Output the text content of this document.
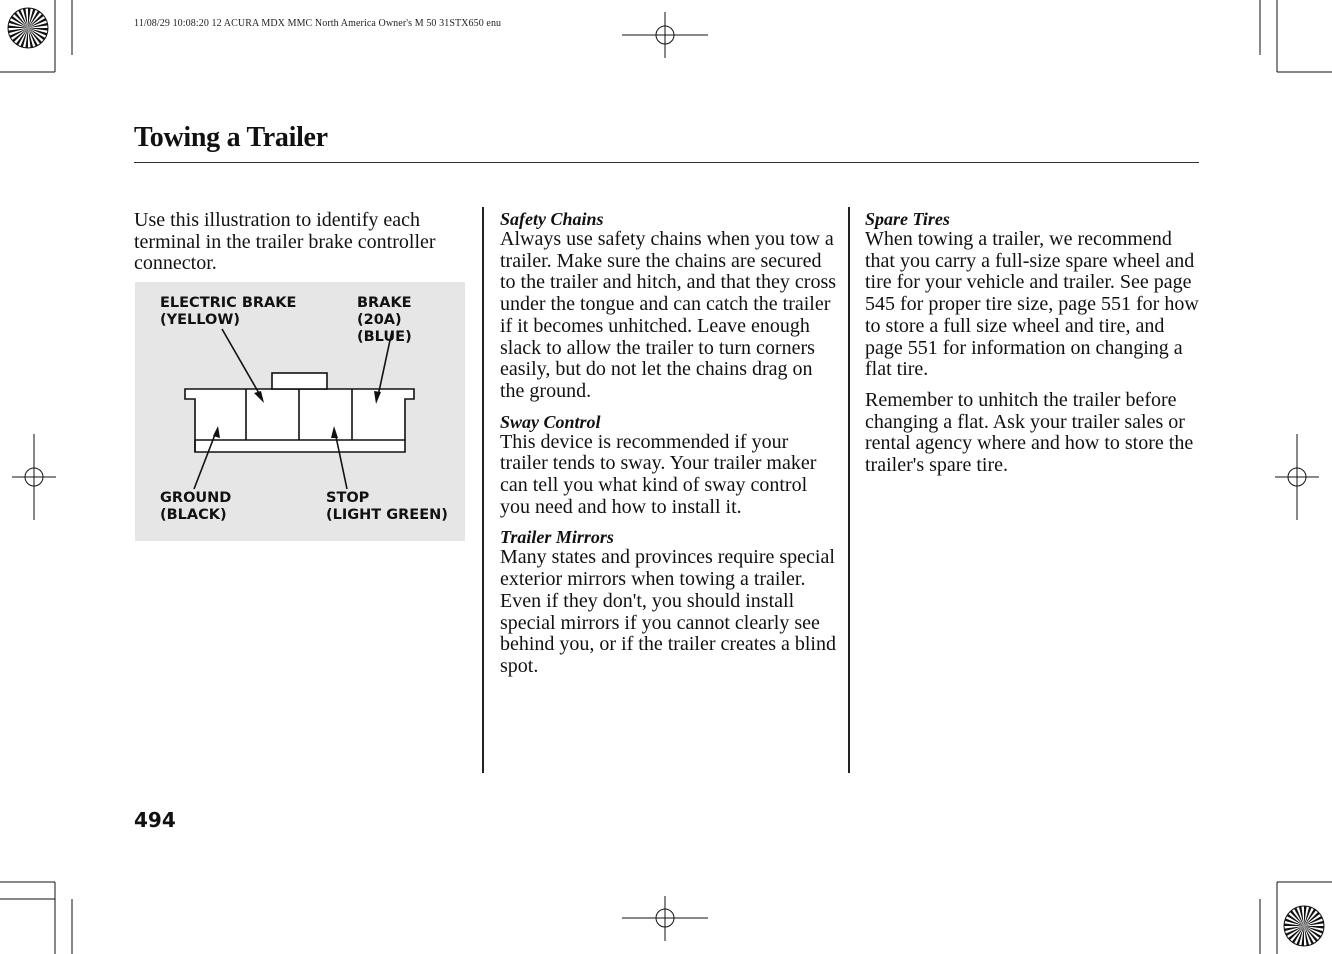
11/08/29 10:08:20 12 ACURA MDX MMC North America Owner's M 50 31STX650 enu
Towing a Trailer

Use this illustration to identify each terminal in the trailer brake controller connector.

ELECTRIC BRAKE
(YELLOW)
BRAKE
(20A)
(BLUE)
GROUND
(BLACK)
STOP
(LIGHT GREEN)

Safety Chains

Always use safety chains when you tow a trailer. Make sure the chains are secured to the trailer and hitch, and that they cross under the tongue and can catch the trailer if it becomes unhitched. Leave enough slack to allow the trailer to turn corners easily, but do not let the chains drag on the ground.

Sway Control

This device is recommended if your trailer tends to sway. Your trailer maker can tell you what kind of sway control you need and how to install it.

Trailer Mirrors

Many states and provinces require special exterior mirrors when towing a trailer. Even if they don't, you should install special mirrors if you cannot clearly see behind you, or if the trailer creates a blind spot.

Spare Tires

When towing a trailer, we recommend that you carry a full-size spare wheel and tire for your vehicle and trailer. See page 545 for proper tire size, page 551 for how to store a full size wheel and tire, and page 551 for information on changing a flat tire.

Remember to unhitch the trailer before changing a flat. Ask your trailer sales or rental agency where and how to store the trailer's spare tire.

494
